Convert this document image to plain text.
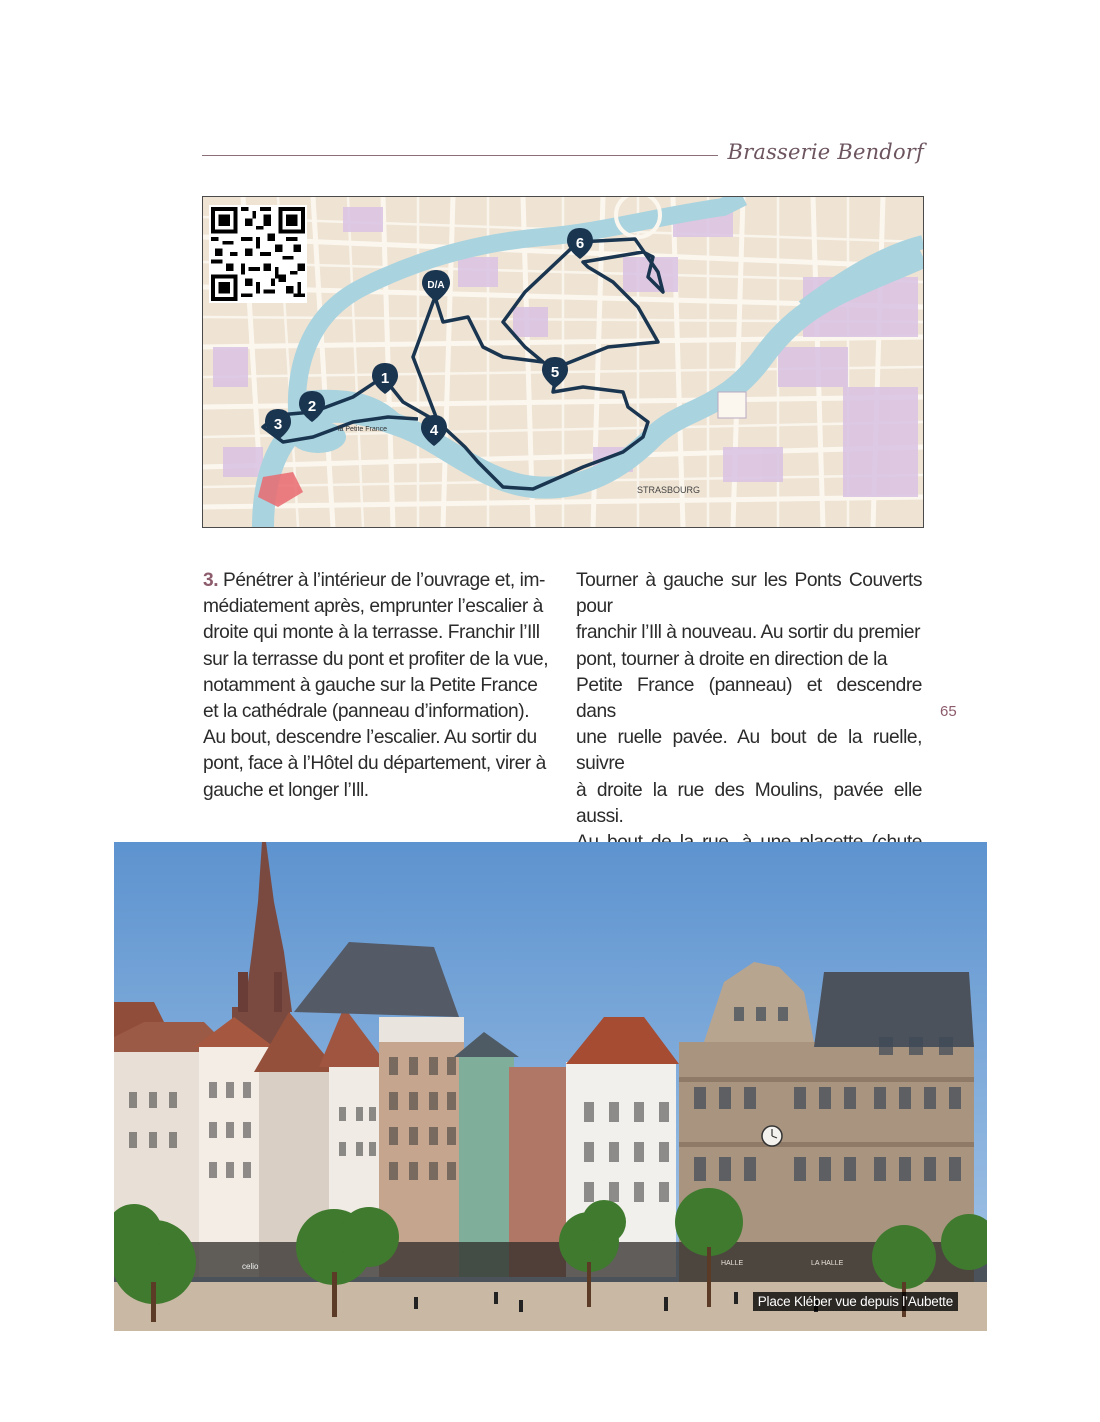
Brasserie Bendorf
la Petite France
STRASBOURG
D/A
1
2
3	4
5
6
3. Pénétrer à l’intérieur de l’ouvrage et, im-
médiatement après, emprunter l’escalier à
droite qui monte à la terrasse. Franchir l’Ill
sur la terrasse du pont et profiter de la vue,
notamment à gauche sur la Petite France
et la cathédrale (panneau d’information).
Au bout, descendre l’escalier. Au sortir du
pont, face à l’Hôtel du département, virer à
gauche et longer l’Ill.
Tourner à gauche sur les Ponts Couverts pour
franchir l’Ill à nouveau. Au sortir du premier
pont, tourner à droite en direction de la
Petite France (panneau) et descendre dans
une ruelle pavée. Au bout de la ruelle, suivre
à droite la rue des Moulins, pavée elle aussi.
65
celio	HALLE	LA HALLE
Place Kléber vue depuis l’Aubette
